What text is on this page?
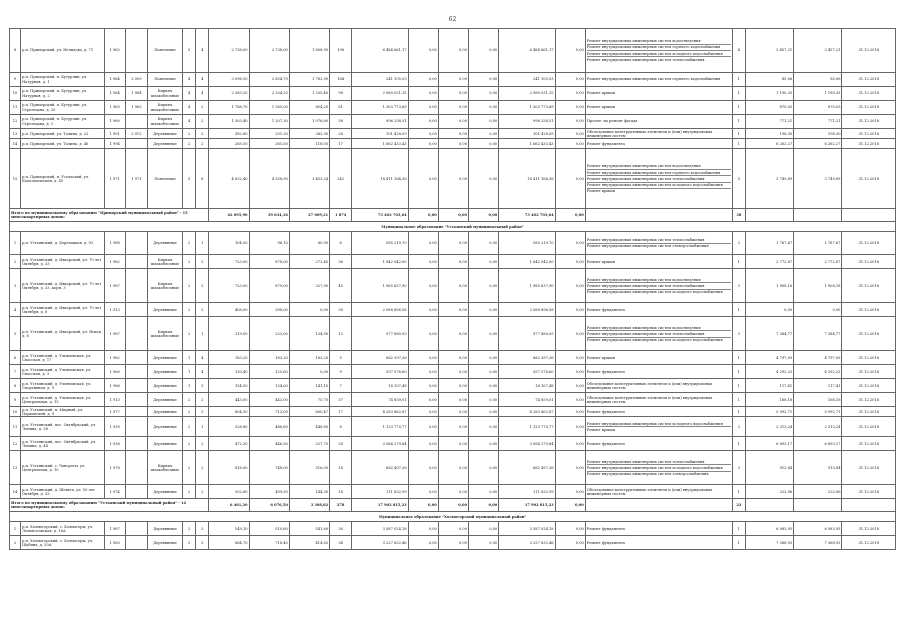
62
8	р.п. Приморский, ул. Нелидова, д. 71	1 962		Панельные	5	4	2 738,00	2 738,00	1 808,90	198	6 484 661,17	0,00	0,00	0,00	6 484 661,17	0,00	Ремонт внутридомовых инженерных систем водоотведения
Ремонт внутридомовых инженерных систем горячего водоснабжения
Ремонт внутридомовых инженерных систем холодного водоснабжения
Ремонт внутридомовых инженерных систем теплоснабжения	4	2 457,21	2 457,21	31.12.2018
9	р.п. Приморский, п. Бутурлин, ул. Натурная, д. 1	1 964	2 009	Панельные	4	4	3 096,50	2 834,70	1 762,90	164	241 105,03	0,00	0,00	0,00	241 105,03	0,00	Ремонт внутридомовых инженерных систем горячего водоснабжения	1	85,06	85,06	31.12.2018
10	р.п. Приморский, п. Бутурлин, ул. Натурная, д. 2	1 964	1 984	Кирпич шлакоблочные	4	4	2 383,20	2 204,20	1 335,40	98	2 980 031,15	0,00	0,00	0,00	2 980 031,15	0,00	Ремонт крыши	1	1 190,35	1 190,35	31.12.2018
11	р.п. Приморский, п. Бутурлин, ул. Стрельцова, д. 20	1 963	1 963	Кирпич шлакоблочные	4	2	1 788,70	1 385,00	854,20	61	1 303 773,69	0,00	0,00	0,00	1 303 773,69	0,00	Ремонт крыши	1	870,05	870,05	31.12.2018
12	р.п. Приморский, п. Бутурлин, ул. Стрельцова, д. 1	1 960		Кирпич шлакоблочные	4	2	1 303,40	1 207,30	1 076,60	58	996 258,51	0,00	0,00	0,00	996 258,51	0,00	Прочее: на ремонт фасада	1	771,21	771,21	31.12.2018
13	р.п. Приморский, ул. Толина, д. 22	1 901	2 012	Деревянные	2	2	382,80	331,30	282,90	28	101 428,09	0,00	0,00	0,00	101 428,09	0,00	Обследование конструктивных элементов и (или) внутридомовых инженерных систем	1	198,30	198,30	31.12.2018
14	р.п. Приморский, ул. Толина, д. 46	1 994		Деревянные	2	2	265,50	265,50	118,05	17	1 662 433,43	0,00	0,00	0,00	1 662 433,43	0,00	Ремонт фундамента	1	6 262,27	6 262,27	31.12.2018
15	р.п. Приморский, п. Усольский, ул. Комсомольская, д. 45	1 971	1 971	Панельные	5	8	4 832,40	4 358,90	3 453,24	242	18 411 164,36	0,00	0,00	0,00	18 411 164,36	0,00	Ремонт внутридомовых инженерных систем водоотведения
Ремонт внутридомовых инженерных систем горячего водоснабжения
Ремонт внутридомовых инженерных систем теплоснабжения
Ремонт внутридомовых инженерных систем холодного водоснабжения
Ремонт крыши	5	3 749,89	3 749,89	31.12.2018
Итого по муниципальному образованию "Приморский муниципальный район" - 15 многоквартирных домов:							42 695,90	39 634,16	27 009,21	1 874	73 402 703,64	0,00	0,00	0,00	73 402 703,64	0,00		38			
Муниципальное образование "Устьянский муниципальный район"																					
1	р.п. Устьянский, д. Березицкая, д. 93	1 988		Деревянные	2	1	104,00	96,10	80,90	6	585 219,70	0,00	0,00	0,00	585 219,70	0,00	Ремонт внутридомовых инженерных систем теплоснабжения
Ремонт внутридомовых инженерных систем электроснабжения	2	1 767,67	1 767,67	31.12.2018
2	р.п. Устьянский, д. Ивкорский, ул. 70 лет Октября, д. 33	1 982		Кирпич шлакоблочные	2	2	723,00	678,00	272,40	36	1 842 042,00	0,00	0,00	0,00	1 842 042,00	0,00	Ремонт крыши	1	2 772,87	2 772,87	31.12.2018
3	р.п. Устьянский, д. Ивкорский, ул. 70 лет Октября, д. 33, корп. 3	1 987		Кирпич шлакоблочные	2	2	723,00	679,00	327,90	45	1 985 637,90	0,00	0,00	0,00	1 985 637,90	0,00	Ремонт внутридомовых инженерных систем водоотведения
Ремонт внутридомовых инженерных систем теплоснабжения
Ремонт внутридомовых инженерных систем холодного водоснабжения	3	1 908,16	1 908,16	31.12.2018
4	р.п. Устьянский, д. Ивкорский, ул. 70 лет Октября, д. 8	1 913		Деревянные	2	2	408,00	398,00	0,00	30	2 088 896,58	0,00	0,00	0,00	2 088 896,58	0,00	Ремонт фундамента	1	0,00	0,00	31.12.2018
5	р.п. Устьянский, д. Ивкорский, ул. Ясная, д. 8	1 987		Кирпич шлакоблочные	2	1	319,00	223,00	134,90	12	977 880,05	0,00	0,00	0,00	977 880,05	0,00	Ремонт внутридомовых инженерных систем водоотведения
Ремонт внутридомовых инженерных систем теплоснабжения
Ремонт внутридомовых инженерных систем холодного водоснабжения	3	7 384,77	7 384,77	31.12.2018
6	р.п. Устьянский, д. Ульяновская, ул. Спасская, д. 17	1 982		Деревянные	1	4	183,20	183,20	183,20	5	882 397,36	0,00	0,00	0,00	882 397,36	0,00	Ремонт крыши	1	4 797,09	4 797,09	31.12.2018
7	р.п. Устьянский, д. Ульяновская, ул. Спасская, д. 3	1 960		Деревянные	1	4	130,40	125,60	0,00	9	557 578,60	0,00	0,00	0,00	557 578,60	0,00	Ремонт фундамента	1	4 292,23	4 292,23	31.12.2018
8	р.п. Устьянский, д. Ульяновская, ул. Спортивная, д. 9	1 986		Деревянные	1	3	154,00	154,00	141,10	7	18 107,48	0,00	0,00	0,00	18 107,48	0,00	Обследование конструктивных элементов и (или) внутридомовых инженерных систем	1	117,41	117,41	31.12.2018
9	р.п. Устьянский, д. Ульяновская, ул. Центральная, д. 15	1 913		Деревянные	2	2	443,00	443,00	75,70	37	74 859,01	0,00	0,00	0,00	74 859,01	0,00	Обследование конструктивных элементов и (или) внутридомовых инженерных систем	1	168,18	168,18	31.12.2018
10	р.п. Устьянский, п. Мирный, ул. Парковский, д. 9	1 977		Деревянные	2	3	804,50	713,00	600,47	17	4 283 862,87	0,00	0,00	0,00	4 283 862,87	0,00	Ремонт фундамента	1	5 992,71	5 992,71	31.12.2018
11	р.п. Устьянский, пос. Октябрьский, ул. Ленина, д. 38	1 939		Деревянные	2	1	528,80	488,60	448,80	8	1 133 770,77	0,00	0,00	0,00	1 133 770,77	0,00	Ремонт внутридомовых инженерных систем холодного водоснабжения
Ремонт крыши	2	2 313,24	2 313,24	31.12.2018
12	р.п. Устьянский, пос. Октябрьский, ул. Ленина, д. 44	1 938		Деревянные	2	2	472,30	446,50	227,70	28	3 084 279,64	0,00	0,00	0,00	3 084 279,64	0,00	Ремонт фундамента	1	6 893,17	6 893,17	31.12.2018
13	р.п. Устьянский, с. Чанорогы, ул. Центральная, д. 10	1 978		Кирпич шлакоблочные	2	2	816,00	748,00	516,00	18	682 497,36	0,00	0,00	0,00	682 497,36	0,00	Ремонт внутридомовых инженерных систем теплоснабжения
Ремонт внутридомовых инженерных систем холодного водоснабжения
Ремонт внутридомовых инженерных систем электроснабжения	3	913,84	913,84	31.12.2018
14	р.п. Устьянский, д. Шеньга, ул. 50 лет Октября, д. 33	1 974		Деревянные	2	2	502,80	499,50	144,30	18	111 832,99	0,00	0,00	0,00	111 832,99	0,00	Обследование конструктивных элементов и (или) внутридомовых инженерных систем	1	223,96	223,96	31.12.2018
Итого по муниципальному образованию "Устьянский муниципальный район" - 14 многоквартирных домов:							6 461,20	6 076,50	3 308,82	278	17 902 815,23	0,00	0,00	0,00	17 902 815,23	0,00		22			
Муниципальное образование "Холмогорский муниципальный район"																					
1	р.п. Холмогорский, с. Холмогоры, ул. Ломоносовская, д. 16А	1 987		Деревянные	2	3	549,10	510,60	541,60	30	3 587 024,18	0,00	0,00	0,00	3 587 024,18	0,00	Ремонт фундамента	1	6 983,95	6 983,95	31.12.2018
2	р.п. Холмогорский, с. Холмогоры, ул. Шубина, д. 20А	1 983		Деревянные	2	3	864,70	718,40	414,83	34	3 227 832,46	0,00	0,00	0,00	3 227 832,46	0,00	Ремонт фундамента	1	7 368,93	7 368,93	31.12.2018
